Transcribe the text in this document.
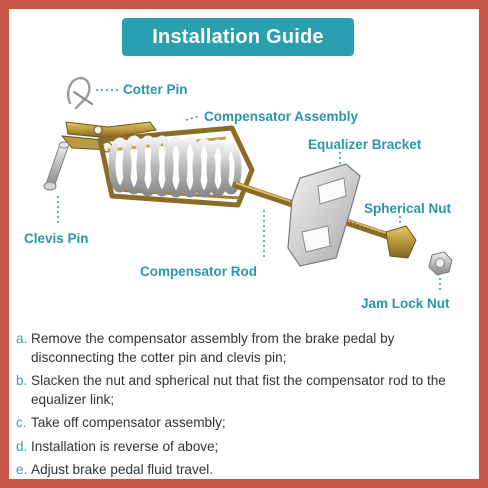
Installation Guide
Cotter Pin
Compensator Assembly
Equalizer Bracket
Spherical Nut
Clevis Pin
Compensator Rod
Jam Lock Nut
a. Remove the compensator assembly from the brake pedal by disconnecting the cotter pin and clevis pin;
b. Slacken the nut and spherical nut that fist the compensator rod to the equalizer link;
c. Take off compensator assembly;
d. Installation is reverse of above;
e. Adjust brake pedal fluid travel.
